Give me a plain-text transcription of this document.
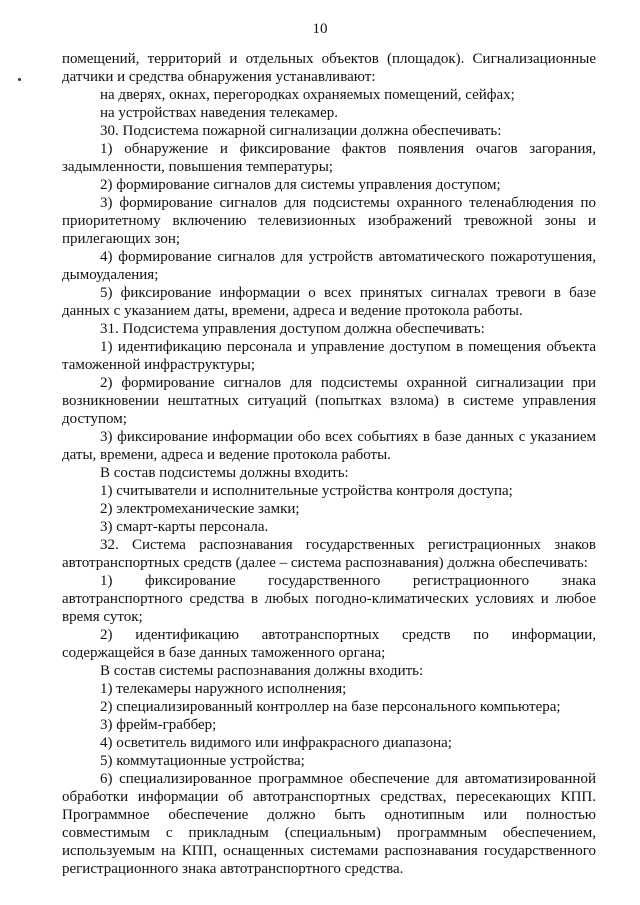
10

помещений, территорий и отдельных объектов (площадок). Сигнализационные датчики и средства обнаружения устанавливают:

на дверях, окнах, перегородках охраняемых помещений, сейфах;

на устройствах наведения телекамер.

30. Подсистема пожарной сигнализации должна обеспечивать:

1) обнаружение и фиксирование фактов появления очагов загорания, задымленности, повышения температуры;

2) формирование сигналов для системы управления доступом;

3) формирование сигналов для подсистемы охранного теленаблюдения по приоритетному включению телевизионных изображений тревожной зоны и прилегающих зон;

4) формирование сигналов для устройств автоматического пожаротушения, дымоудаления;

5) фиксирование информации о всех принятых сигналах тревоги в базе данных с указанием даты, времени, адреса и ведение протокола работы.

31. Подсистема управления доступом должна обеспечивать:

1) идентификацию персонала и управление доступом в помещения объекта таможенной инфраструктуры;

2) формирование сигналов для подсистемы охранной сигнализации при возникновении нештатных ситуаций (попытках взлома) в системе управления доступом;

3) фиксирование информации обо всех событиях в базе данных с указанием даты, времени, адреса и ведение протокола работы.

В состав подсистемы должны входить:

1) считыватели и исполнительные устройства контроля доступа;

2) электромеханические замки;

3) смарт-карты персонала.

32. Система распознавания государственных регистрационных знаков автотранспортных средств (далее – система распознавания) должна обеспечивать:

1) фиксирование государственного регистрационного знака автотранспортного средства в любых погодно-климатических условиях и любое время суток;

2) идентификацию автотранспортных средств по информации, содержащейся в базе данных таможенного органа;

В состав системы распознавания должны входить:

1) телекамеры наружного исполнения;

2) специализированный контроллер на базе персонального компьютера;

3) фрейм-граббер;

4) осветитель видимого или инфракрасного диапазона;

5) коммутационные устройства;

6) специализированное программное обеспечение для автоматизированной обработки информации об автотранспортных средствах, пересекающих КПП. Программное обеспечение должно быть однотипным или полностью совместимым с прикладным (специальным) программным обеспечением, используемым на КПП, оснащенных системами распознавания государственного регистрационного знака автотранспортного средства.
